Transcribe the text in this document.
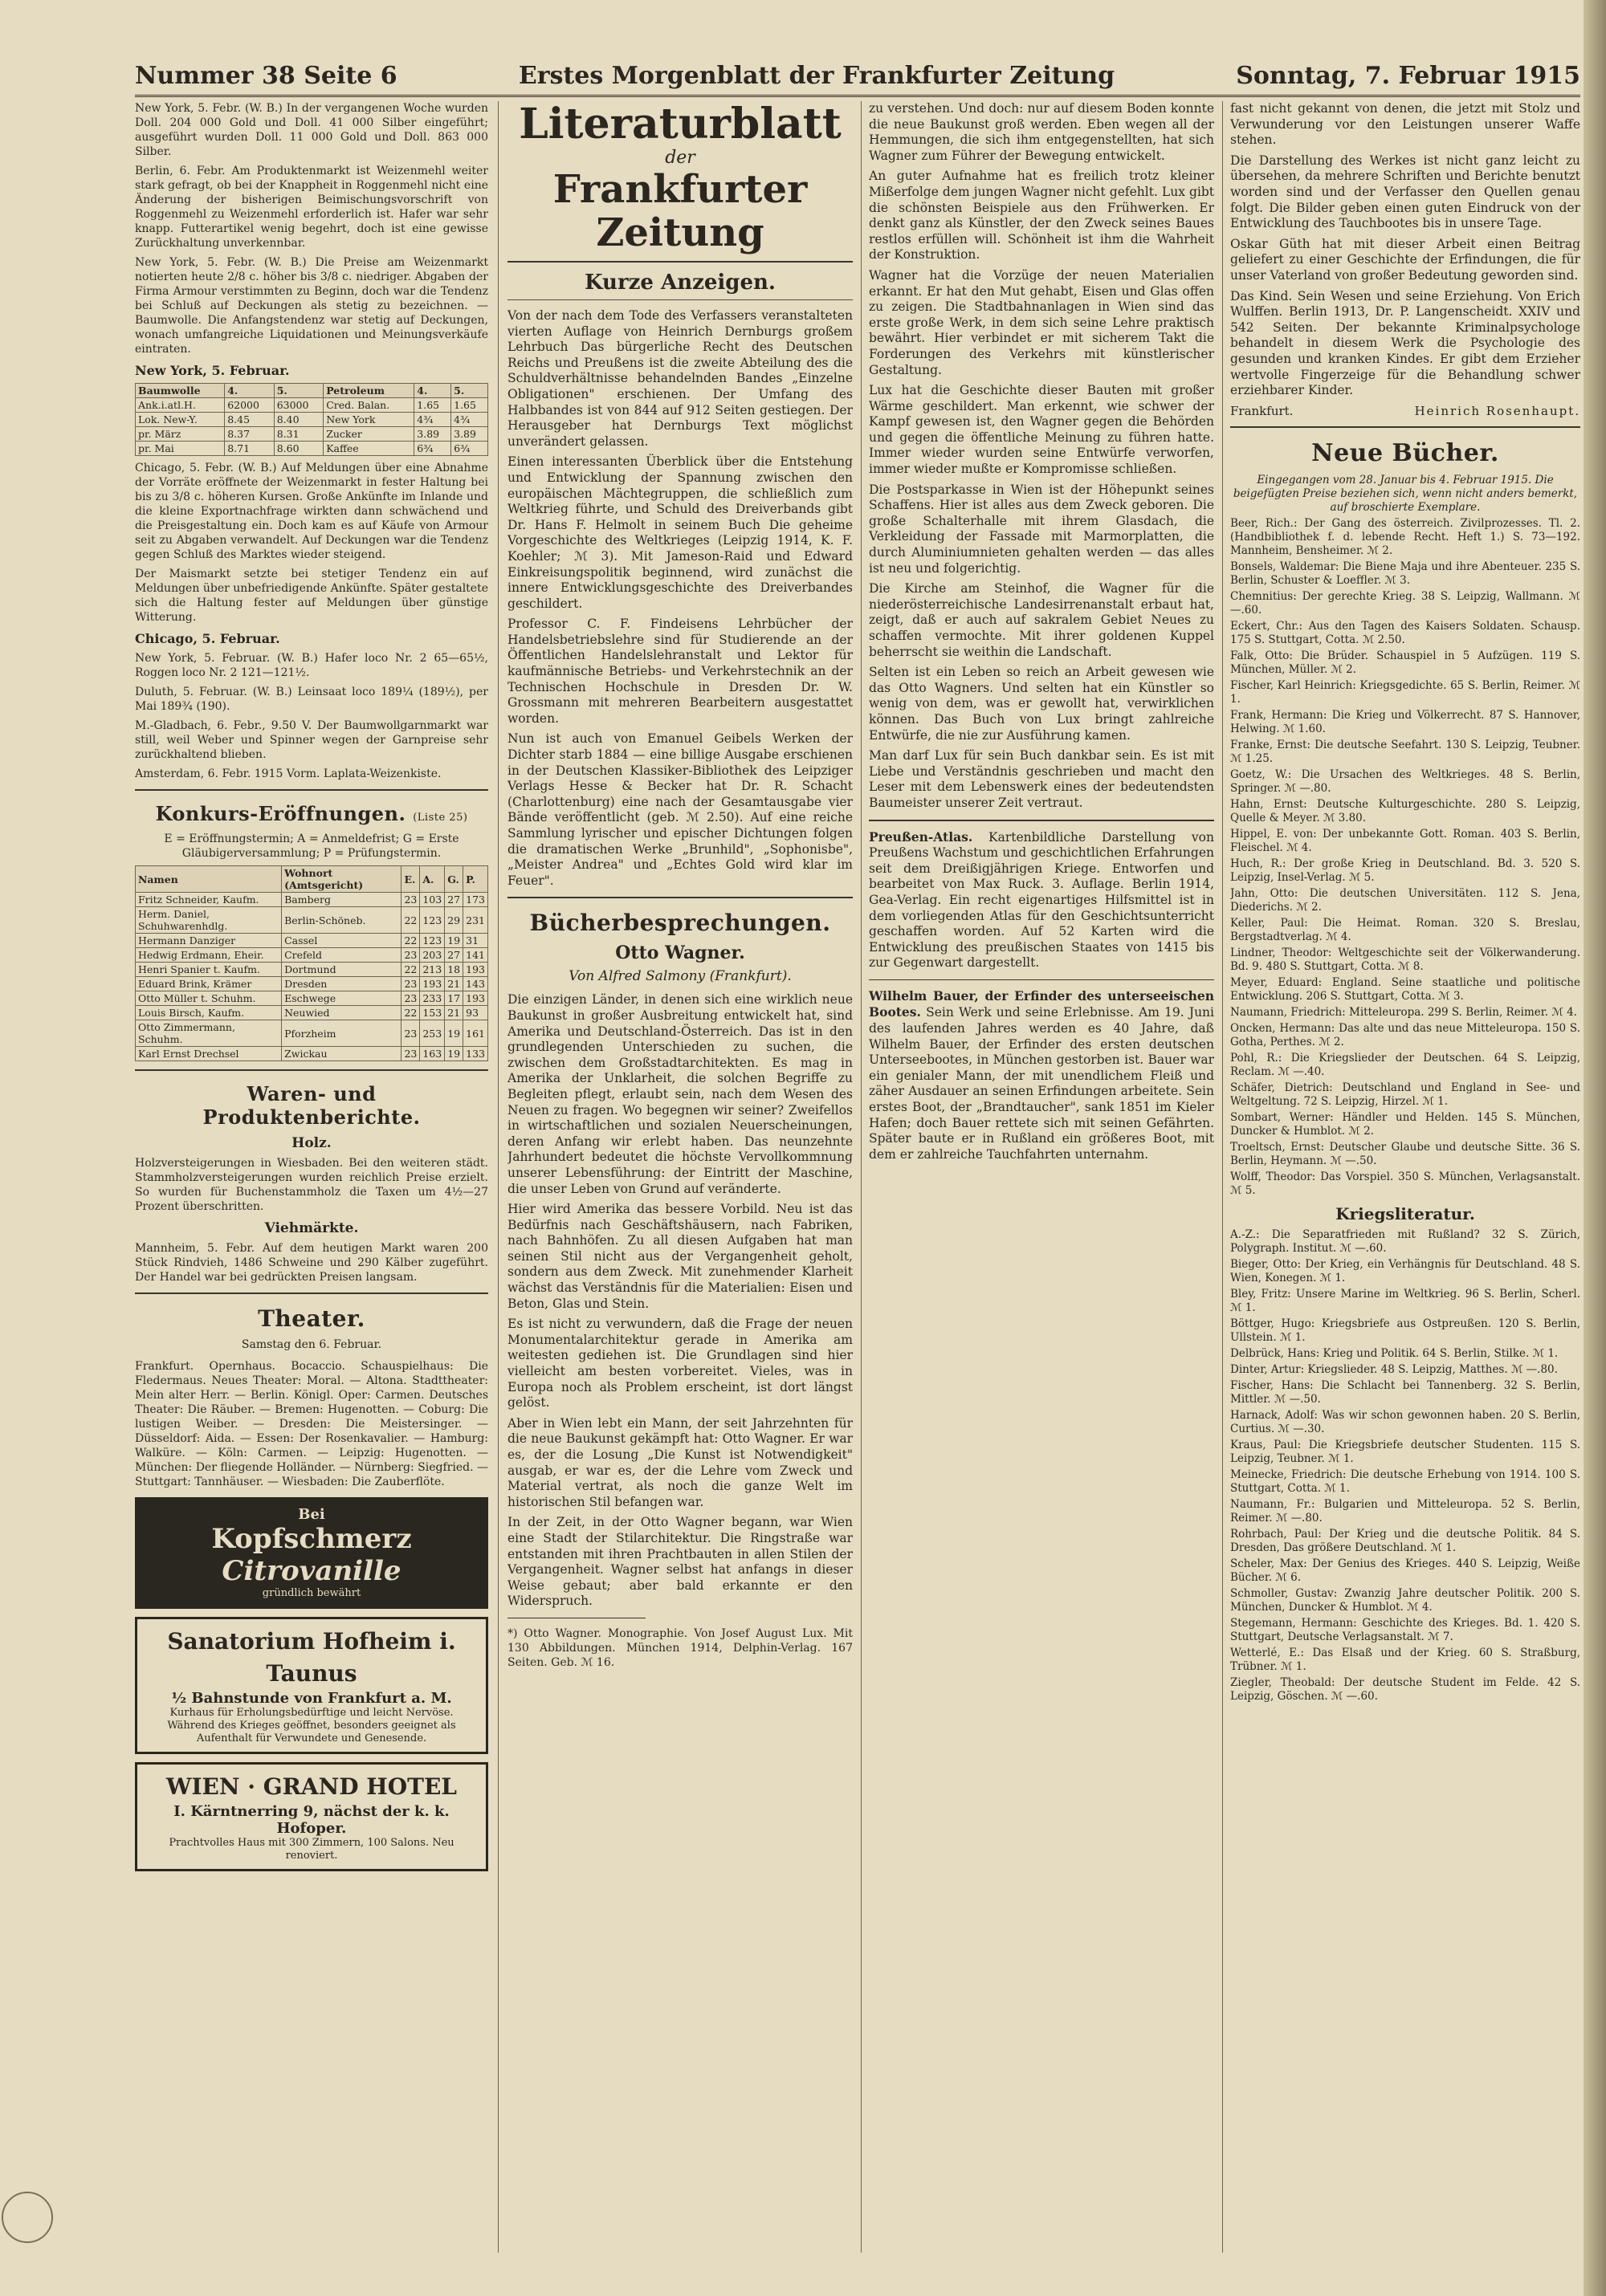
Nummer 38 Seite 6	Erstes Morgenblatt der Frankfurter Zeitung	Sonntag, 7. Februar 1915

New York, 5. Febr. (W. B.) In der vergangenen Woche wurden Doll. 204 000 Gold und Doll. 41 000 Silber eingeführt; ausgeführt wurden Doll. 11 000 Gold und Doll. 863 000 Silber.

Berlin, 6. Febr. Am Produktenmarkt ist Weizenmehl weiter stark gefragt, ob bei der Knappheit in Roggenmehl nicht eine Änderung der bisherigen Beimischungsvorschrift von Roggenmehl zu Weizenmehl erforderlich ist. Hafer war sehr knapp. Futterartikel wenig begehrt, doch ist eine gewisse Zurückhaltung unverkennbar.

New York, 5. Febr. (W. B.) Die Preise am Weizenmarkt notierten heute 2/8 c. höher bis 3/8 c. niedriger. Abgaben der Firma Armour verstimmten zu Beginn, doch war die Tendenz bei Schluß auf Deckungen als stetig zu bezeichnen. — Baumwolle. Die Anfangstendenz war stetig auf Deckungen, wonach umfangreiche Liquidationen und Meinungsverkäufe eintraten.

New York, 5. Februar.
Baumwolle	4.	5.	Petroleum	4.	5.
Ank.i.atl.H.	62000	63000	Cred. Balan.	1.65	1.65
Lok. New-Y.	8.45	8.40	New York	4¾	4¾
pr. März	8.37	8.31	Zucker	3.89	3.89
pr. Mai	8.71	8.60	Kaffee	6¾	6¾

Chicago, 5. Febr. (W. B.) Auf Meldungen über eine Abnahme der Vorräte eröffnete der Weizenmarkt in fester Haltung bei bis zu 3/8 c. höheren Kursen. Große Ankünfte im Inlande und die kleine Exportnachfrage wirkten dann schwächend und die Preisgestaltung ein. Doch kam es auf Käufe von Armour seit zu Abgaben verwandelt. Auf Deckungen war die Tendenz gegen Schluß des Marktes wieder steigend.

Der Maismarkt setzte bei stetiger Tendenz ein auf Meldungen über unbefriedigende Ankünfte. Später gestaltete sich die Haltung fester auf Meldungen über günstige Witterung.

Chicago, 5. Februar.

New York, 5. Februar. (W. B.) Hafer loco Nr. 2 65—65½, Roggen loco Nr. 2 121—121½.

Duluth, 5. Februar. (W. B.) Leinsaat loco 189¼ (189½), per Mai 189¾ (190).

M.-Gladbach, 6. Febr., 9.50 V. Der Baumwollgarnmarkt war still, weil Weber und Spinner wegen der Garnpreise sehr zurückhaltend blieben.

Amsterdam, 6. Febr. 1915 Vorm. Laplata-Weizenkiste.

Konkurs-Eröffnungen. (Liste 25)

E = Eröffnungstermin; A = Anmeldefrist; G = Erste Gläubigerversammlung; P = Prüfungstermin.

Namen	Wohnort (Amtsgericht)	E.	A.	G.	P.
Fritz Schneider, Kaufm.	Bamberg	23	103	27	173
Herm. Daniel, Schuhwarenhdlg.	Berlin-Schöneb.	22	123	29	231
Hermann Danziger	Cassel	22	123	19	31
Hedwig Erdmann, Eheir.	Crefeld	23	203	27	141
Henri Spanier t. Kaufm.	Dortmund	22	213	18	193
Eduard Brink, Krämer	Dresden	23	193	21	143
Otto Müller t. Schuhm.	Eschwege	23	233	17	193
Louis Birsch, Kaufm.	Neuwied	22	153	21	93
Otto Zimmermann, Schuhm.	Pforzheim	23	253	19	161
Karl Ernst Drechsel	Zwickau	23	163	19	133
Waren- und Produktenberichte.
Holz.

Holzversteigerungen in Wiesbaden. Bei den weiteren städt. Stammholzversteigerungen wurden reichlich Preise erzielt. So wurden für Buchenstammholz die Taxen um 4½—27 Prozent überschritten.

Viehmärkte.

Mannheim, 5. Febr. Auf dem heutigen Markt waren 200 Stück Rindvieh, 1486 Schweine und 290 Kälber zugeführt. Der Handel war bei gedrückten Preisen langsam.

Theater.
Samstag den 6. Februar.

Frankfurt. Opernhaus. Bocaccio. Schauspielhaus: Die Fledermaus. Neues Theater: Moral. — Altona. Stadttheater: Mein alter Herr. — Berlin. Königl. Oper: Carmen. Deutsches Theater: Die Räuber. — Bremen: Hugenotten. — Coburg: Die lustigen Weiber. — Dresden: Die Meistersinger. — Düsseldorf: Aida. — Essen: Der Rosenkavalier. — Hamburg: Walküre. — Köln: Carmen. — Leipzig: Hugenotten. — München: Der fliegende Holländer. — Nürnberg: Siegfried. — Stuttgart: Tannhäuser. — Wiesbaden: Die Zauberflöte.

Bei
Kopfschmerz
Citrovanille
gründlich bewährt
Sanatorium Hofheim i. Taunus
½ Bahnstunde von Frankfurt a. M.
Kurhaus für Erholungsbedürftige und leicht Nervöse.
Während des Krieges geöffnet, besonders geeignet als Aufenthalt für Verwundete und Genesende.
WIEN · GRAND HOTEL
I. Kärntnerring 9, nächst der k. k. Hofoper.
Prachtvolles Haus mit 300 Zimmern, 100 Salons. Neu renoviert.
Literaturblatt
der
Frankfurter Zeitung
Kurze Anzeigen.

Von der nach dem Tode des Verfassers veranstalteten vierten Auflage von Heinrich Dernburgs großem Lehrbuch Das bürgerliche Recht des Deutschen Reichs und Preußens ist die zweite Abteilung des die Schuldverhältnisse behandelnden Bandes „Einzelne Obligationen" erschienen. Der Umfang des Halbbandes ist von 844 auf 912 Seiten gestiegen. Der Herausgeber hat Dernburgs Text möglichst unverändert gelassen.

Einen interessanten Überblick über die Entstehung und Entwicklung der Spannung zwischen den europäischen Mächtegruppen, die schließlich zum Weltkrieg führte, und Schuld des Dreiverbands gibt Dr. Hans F. Helmolt in seinem Buch Die geheime Vorgeschichte des Weltkrieges (Leipzig 1914, K. F. Koehler; ℳ 3). Mit Jameson-Raid und Edward Einkreisungspolitik beginnend, wird zunächst die innere Entwicklungsgeschichte des Dreiverbandes geschildert.

Professor C. F. Findeisens Lehrbücher der Handelsbetriebslehre sind für Studierende an der Öffentlichen Handelslehranstalt und Lektor für kaufmännische Betriebs- und Verkehrstechnik an der Technischen Hochschule in Dresden Dr. W. Grossmann mit mehreren Bearbeitern ausgestattet worden.

Nun ist auch von Emanuel Geibels Werken der Dichter starb 1884 — eine billige Ausgabe erschienen in der Deutschen Klassiker-Bibliothek des Leipziger Verlags Hesse & Becker hat Dr. R. Schacht (Charlottenburg) eine nach der Gesamtausgabe vier Bände veröffentlicht (geb. ℳ 2.50). Auf eine reiche Sammlung lyrischer und epischer Dichtungen folgen die dramatischen Werke „Brunhild", „Sophonisbe", „Meister Andrea" und „Echtes Gold wird klar im Feuer".

Bücherbesprechungen.
Otto Wagner.
Von Alfred Salmony (Frankfurt).

Die einzigen Länder, in denen sich eine wirklich neue Baukunst in großer Ausbreitung entwickelt hat, sind Amerika und Deutschland-Österreich. Das ist in den grundlegenden Unterschieden zu suchen, die zwischen dem Großstadtarchitekten. Es mag in Amerika der Unklarheit, die solchen Begriffe zu Begleiten pflegt, erlaubt sein, nach dem Wesen des Neuen zu fragen. Wo begegnen wir seiner? Zweifellos in wirtschaftlichen und sozialen Neuerscheinungen, deren Anfang wir erlebt haben. Das neunzehnte Jahrhundert bedeutet die höchste Vervollkommnung unserer Lebensführung: der Eintritt der Maschine, die unser Leben von Grund auf veränderte.

Hier wird Amerika das bessere Vorbild. Neu ist das Bedürfnis nach Geschäftshäusern, nach Fabriken, nach Bahnhöfen. Zu all diesen Aufgaben hat man seinen Stil nicht aus der Vergangenheit geholt, sondern aus dem Zweck. Mit zunehmender Klarheit wächst das Verständnis für die Materialien: Eisen und Beton, Glas und Stein.

Es ist nicht zu verwundern, daß die Frage der neuen Monumentalarchitektur gerade in Amerika am weitesten gediehen ist. Die Grundlagen sind hier vielleicht am besten vorbereitet. Vieles, was in Europa noch als Problem erscheint, ist dort längst gelöst.

Aber in Wien lebt ein Mann, der seit Jahrzehnten für die neue Baukunst gekämpft hat: Otto Wagner. Er war es, der die Losung „Die Kunst ist Notwendigkeit" ausgab, er war es, der die Lehre vom Zweck und Material vertrat, als noch die ganze Welt im historischen Stil befangen war.

In der Zeit, in der Otto Wagner begann, war Wien eine Stadt der Stilarchitektur. Die Ringstraße war entstanden mit ihren Prachtbauten in allen Stilen der Vergangenheit. Wagner selbst hat anfangs in dieser Weise gebaut; aber bald erkannte er den Widerspruch.

*) Otto Wagner. Monographie. Von Josef August Lux. Mit 130 Abbildungen. München 1914, Delphin-Verlag. 167 Seiten. Geb. ℳ 16.

zu verstehen. Und doch: nur auf diesem Boden konnte die neue Baukunst groß werden. Eben wegen all der Hemmungen, die sich ihm entgegenstellten, hat sich Wagner zum Führer der Bewegung entwickelt.

An guter Aufnahme hat es freilich trotz kleiner Mißerfolge dem jungen Wagner nicht gefehlt. Lux gibt die schönsten Beispiele aus den Frühwerken. Er denkt ganz als Künstler, der den Zweck seines Baues restlos erfüllen will. Schönheit ist ihm die Wahrheit der Konstruktion.

Wagner hat die Vorzüge der neuen Materialien erkannt. Er hat den Mut gehabt, Eisen und Glas offen zu zeigen. Die Stadtbahnanlagen in Wien sind das erste große Werk, in dem sich seine Lehre praktisch bewährt. Hier verbindet er mit sicherem Takt die Forderungen des Verkehrs mit künstlerischer Gestaltung.

Lux hat die Geschichte dieser Bauten mit großer Wärme geschildert. Man erkennt, wie schwer der Kampf gewesen ist, den Wagner gegen die Behörden und gegen die öffentliche Meinung zu führen hatte. Immer wieder wurden seine Entwürfe verworfen, immer wieder mußte er Kompromisse schließen.

Die Postsparkasse in Wien ist der Höhepunkt seines Schaffens. Hier ist alles aus dem Zweck geboren. Die große Schalterhalle mit ihrem Glasdach, die Verkleidung der Fassade mit Marmorplatten, die durch Aluminiumnieten gehalten werden — das alles ist neu und folgerichtig.

Die Kirche am Steinhof, die Wagner für die niederösterreichische Landesirrenanstalt erbaut hat, zeigt, daß er auch auf sakralem Gebiet Neues zu schaffen vermochte. Mit ihrer goldenen Kuppel beherrscht sie weithin die Landschaft.

Selten ist ein Leben so reich an Arbeit gewesen wie das Otto Wagners. Und selten hat ein Künstler so wenig von dem, was er gewollt hat, verwirklichen können. Das Buch von Lux bringt zahlreiche Entwürfe, die nie zur Ausführung kamen.

Man darf Lux für sein Buch dankbar sein. Es ist mit Liebe und Verständnis geschrieben und macht den Leser mit dem Lebenswerk eines der bedeutendsten Baumeister unserer Zeit vertraut.

Preußen-Atlas. Kartenbildliche Darstellung von Preußens Wachstum und geschichtlichen Erfahrungen seit dem Dreißigjährigen Kriege. Entworfen und bearbeitet von Max Ruck. 3. Auflage. Berlin 1914, Gea-Verlag. Ein recht eigenartiges Hilfsmittel ist in dem vorliegenden Atlas für den Geschichtsunterricht geschaffen worden. Auf 52 Karten wird die Entwicklung des preußischen Staates von 1415 bis zur Gegenwart dargestellt.

Wilhelm Bauer, der Erfinder des unterseeischen Bootes. Sein Werk und seine Erlebnisse. Am 19. Juni des laufenden Jahres werden es 40 Jahre, daß Wilhelm Bauer, der Erfinder des ersten deutschen Unterseebootes, in München gestorben ist. Bauer war ein genialer Mann, der mit unendlichem Fleiß und zäher Ausdauer an seinen Erfindungen arbeitete. Sein erstes Boot, der „Brandtaucher", sank 1851 im Kieler Hafen; doch Bauer rettete sich mit seinen Gefährten. Später baute er in Rußland ein größeres Boot, mit dem er zahlreiche Tauchfahrten unternahm.

fast nicht gekannt von denen, die jetzt mit Stolz und Verwunderung vor den Leistungen unserer Waffe stehen.

Die Darstellung des Werkes ist nicht ganz leicht zu übersehen, da mehrere Schriften und Berichte benutzt worden sind und der Verfasser den Quellen genau folgt. Die Bilder geben einen guten Eindruck von der Entwicklung des Tauchbootes bis in unsere Tage.

Oskar Güth hat mit dieser Arbeit einen Beitrag geliefert zu einer Geschichte der Erfindungen, die für unser Vaterland von großer Bedeutung geworden sind.

Das Kind. Sein Wesen und seine Erziehung. Von Erich Wulffen. Berlin 1913, Dr. P. Langenscheidt. XXIV und 542 Seiten. Der bekannte Kriminalpsychologe behandelt in diesem Werk die Psychologie des gesunden und kranken Kindes. Er gibt dem Erzieher wertvolle Fingerzeige für die Behandlung schwer erziehbarer Kinder.

Frankfurt.	Heinrich Rosenhaupt.
Neue Bücher.

Eingegangen vom 28. Januar bis 4. Februar 1915. Die beigefügten Preise beziehen sich, wenn nicht anders bemerkt, auf broschierte Exemplare.

Beer, Rich.: Der Gang des österreich. Zivilprozesses. Tl. 2. (Handbibliothek f. d. lebende Recht. Heft 1.) S. 73—192. Mannheim, Bensheimer. ℳ 2.

Bonsels, Waldemar: Die Biene Maja und ihre Abenteuer. 235 S. Berlin, Schuster & Loeffler. ℳ 3.

Chemnitius: Der gerechte Krieg. 38 S. Leipzig, Wallmann. ℳ —.60.

Eckert, Chr.: Aus den Tagen des Kaisers Soldaten. Schausp. 175 S. Stuttgart, Cotta. ℳ 2.50.

Falk, Otto: Die Brüder. Schauspiel in 5 Aufzügen. 119 S. München, Müller. ℳ 2.

Fischer, Karl Heinrich: Kriegsgedichte. 65 S. Berlin, Reimer. ℳ 1.

Frank, Hermann: Die Krieg und Völkerrecht. 87 S. Hannover, Helwing. ℳ 1.60.

Franke, Ernst: Die deutsche Seefahrt. 130 S. Leipzig, Teubner. ℳ 1.25.

Goetz, W.: Die Ursachen des Weltkrieges. 48 S. Berlin, Springer. ℳ —.80.

Hahn, Ernst: Deutsche Kulturgeschichte. 280 S. Leipzig, Quelle & Meyer. ℳ 3.80.

Hippel, E. von: Der unbekannte Gott. Roman. 403 S. Berlin, Fleischel. ℳ 4.

Huch, R.: Der große Krieg in Deutschland. Bd. 3. 520 S. Leipzig, Insel-Verlag. ℳ 5.

Jahn, Otto: Die deutschen Universitäten. 112 S. Jena, Diederichs. ℳ 2.

Keller, Paul: Die Heimat. Roman. 320 S. Breslau, Bergstadtverlag. ℳ 4.

Lindner, Theodor: Weltgeschichte seit der Völkerwanderung. Bd. 9. 480 S. Stuttgart, Cotta. ℳ 8.

Meyer, Eduard: England. Seine staatliche und politische Entwicklung. 206 S. Stuttgart, Cotta. ℳ 3.

Naumann, Friedrich: Mitteleuropa. 299 S. Berlin, Reimer. ℳ 4.

Oncken, Hermann: Das alte und das neue Mitteleuropa. 150 S. Gotha, Perthes. ℳ 2.

Pohl, R.: Die Kriegslieder der Deutschen. 64 S. Leipzig, Reclam. ℳ —.40.

Schäfer, Dietrich: Deutschland und England in See- und Weltgeltung. 72 S. Leipzig, Hirzel. ℳ 1.

Sombart, Werner: Händler und Helden. 145 S. München, Duncker & Humblot. ℳ 2.

Troeltsch, Ernst: Deutscher Glaube und deutsche Sitte. 36 S. Berlin, Heymann. ℳ —.50.

Wolff, Theodor: Das Vorspiel. 350 S. München, Verlagsanstalt. ℳ 5.

Kriegsliteratur.

A.-Z.: Die Separatfrieden mit Rußland? 32 S. Zürich, Polygraph. Institut. ℳ —.60.

Bieger, Otto: Der Krieg, ein Verhängnis für Deutschland. 48 S. Wien, Konegen. ℳ 1.

Bley, Fritz: Unsere Marine im Weltkrieg. 96 S. Berlin, Scherl. ℳ 1.

Böttger, Hugo: Kriegsbriefe aus Ostpreußen. 120 S. Berlin, Ullstein. ℳ 1.

Delbrück, Hans: Krieg und Politik. 64 S. Berlin, Stilke. ℳ 1.

Dinter, Artur: Kriegslieder. 48 S. Leipzig, Matthes. ℳ —.80.

Fischer, Hans: Die Schlacht bei Tannenberg. 32 S. Berlin, Mittler. ℳ —.50.

Harnack, Adolf: Was wir schon gewonnen haben. 20 S. Berlin, Curtius. ℳ —.30.

Kraus, Paul: Die Kriegsbriefe deutscher Studenten. 115 S. Leipzig, Teubner. ℳ 1.

Meinecke, Friedrich: Die deutsche Erhebung von 1914. 100 S. Stuttgart, Cotta. ℳ 1.

Naumann, Fr.: Bulgarien und Mitteleuropa. 52 S. Berlin, Reimer. ℳ —.80.

Rohrbach, Paul: Der Krieg und die deutsche Politik. 84 S. Dresden, Das größere Deutschland. ℳ 1.

Scheler, Max: Der Genius des Krieges. 440 S. Leipzig, Weiße Bücher. ℳ 6.

Schmoller, Gustav: Zwanzig Jahre deutscher Politik. 200 S. München, Duncker & Humblot. ℳ 4.

Stegemann, Hermann: Geschichte des Krieges. Bd. 1. 420 S. Stuttgart, Deutsche Verlagsanstalt. ℳ 7.

Wetterlé, E.: Das Elsaß und der Krieg. 60 S. Straßburg, Trübner. ℳ 1.

Ziegler, Theobald: Der deutsche Student im Felde. 42 S. Leipzig, Göschen. ℳ —.60.
